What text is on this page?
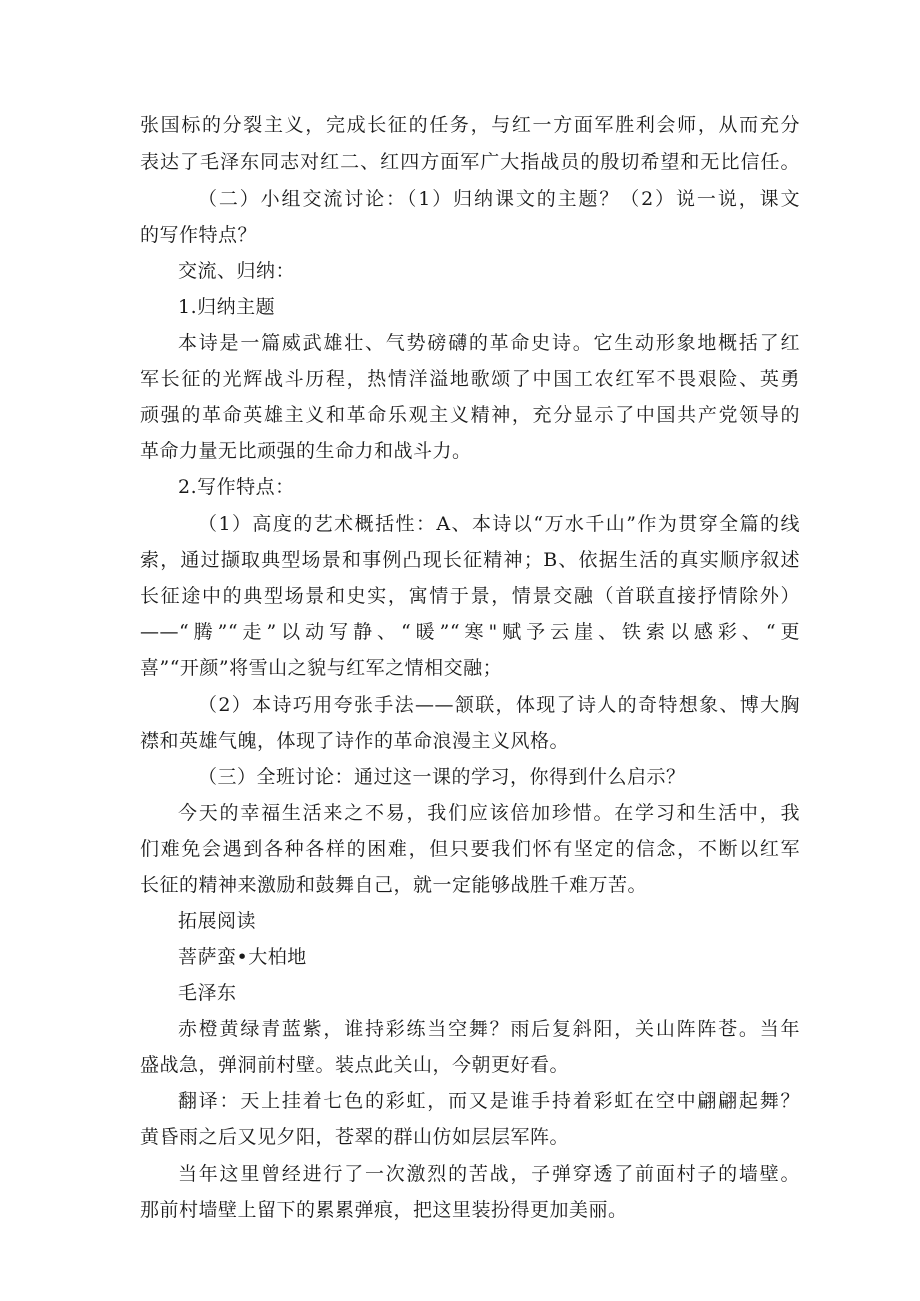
张国标的分裂主义，完成长征的任务，与红一方面军胜利会师，从而充分
表达了毛泽东同志对红二、红四方面军广大指战员的殷切希望和无比信任。
（二）小组交流讨论：（1）归纳课文的主题？（2）说一说，课文
的写作特点？
交流、归纳：
1.归纳主题
本诗是一篇威武雄壮、气势磅礴的革命史诗。它生动形象地概括了红
军长征的光辉战斗历程，热情洋溢地歌颂了中国工农红军不畏艰险、英勇
顽强的革命英雄主义和革命乐观主义精神，充分显示了中国共产党领导的
革命力量无比顽强的生命力和战斗力。
2.写作特点：
（1）高度的艺术概括性：A、本诗以“万水千山”作为贯穿全篇的线
索，通过撷取典型场景和事例凸现长征精神；B、依据生活的真实顺序叙述
长征途中的典型场景和史实，寓情于景，情景交融（首联直接抒情除外）
——“腾”“走”以动写静、“暖”“寒"赋予云崖、铁索以感彩、“更
喜”“开颜”将雪山之貌与红军之情相交融；
（2）本诗巧用夸张手法——颔联，体现了诗人的奇特想象、博大胸
襟和英雄气魄，体现了诗作的革命浪漫主义风格。
（三）全班讨论：通过这一课的学习，你得到什么启示？
今天的幸福生活来之不易，我们应该倍加珍惜。在学习和生活中，我
们难免会遇到各种各样的困难，但只要我们怀有坚定的信念，不断以红军
长征的精神来激励和鼓舞自己，就一定能够战胜千难万苦。
拓展阅读
菩萨蛮•大柏地
毛泽东
赤橙黄绿青蓝紫，谁持彩练当空舞？雨后复斜阳，关山阵阵苍。当年
盛战急，弹洞前村壁。装点此关山，今朝更好看。
翻译：天上挂着七色的彩虹，而又是谁手持着彩虹在空中翩翩起舞？
黄昏雨之后又见夕阳，苍翠的群山仿如层层军阵。
当年这里曾经进行了一次激烈的苦战，子弹穿透了前面村子的墙壁。
那前村墙壁上留下的累累弹痕，把这里装扮得更加美丽。
